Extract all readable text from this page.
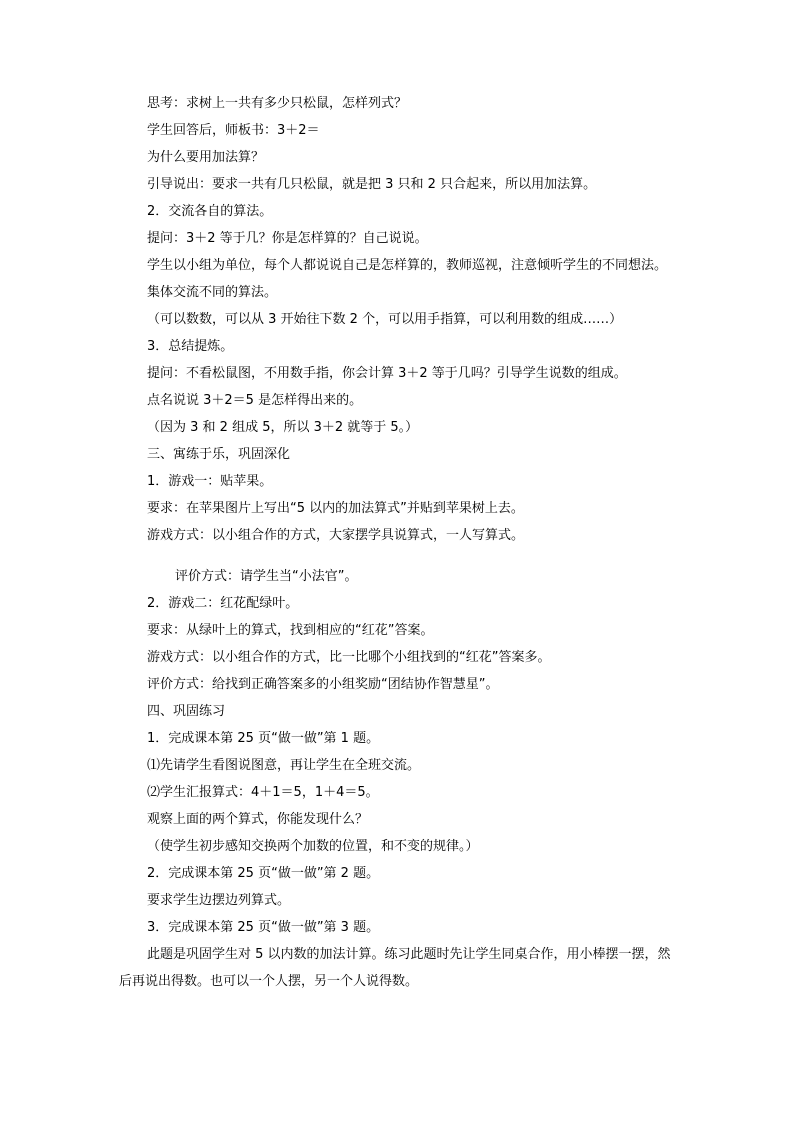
思考：求树上一共有多少只松鼠，怎样列式？

学生回答后，师板书：3＋2＝

为什么要用加法算？

引导说出：要求一共有几只松鼠，就是把 3 只和 2 只合起来，所以用加法算。

2．交流各自的算法。

提问：3＋2 等于几？你是怎样算的？自己说说。

学生以小组为单位，每个人都说说自己是怎样算的，教师巡视，注意倾听学生的不同想法。

集体交流不同的算法。

（可以数数，可以从 3 开始往下数 2 个，可以用手指算，可以利用数的组成……）

3．总结提炼。

提问：不看松鼠图，不用数手指，你会计算 3＋2 等于几吗？引导学生说数的组成。

点名说说 3＋2＝5 是怎样得出来的。

（因为 3 和 2 组成 5，所以 3＋2 就等于 5。）

三、寓练于乐，巩固深化

1．游戏一：贴苹果。

要求：在苹果图片上写出“5 以内的加法算式”并贴到苹果树上去。

游戏方式：以小组合作的方式，大家摆学具说算式，一人写算式。

评价方式：请学生当“小法官”。

2．游戏二：红花配绿叶。

要求：从绿叶上的算式，找到相应的“红花”答案。

游戏方式：以小组合作的方式，比一比哪个小组找到的“红花”答案多。

评价方式：给找到正确答案多的小组奖励“团结协作智慧星”。

四、巩固练习

1．完成课本第 25 页“做一做”第 1 题。

⑴先请学生看图说图意，再让学生在全班交流。

⑵学生汇报算式：4＋1＝5，1＋4＝5。

观察上面的两个算式，你能发现什么？

（使学生初步感知交换两个加数的位置，和不变的规律。）

2．完成课本第 25 页“做一做”第 2 题。

要求学生边摆边列算式。

3．完成课本第 25 页“做一做”第 3 题。

此题是巩固学生对 5 以内数的加法计算。练习此题时先让学生同桌合作，用小棒摆一摆，然后再说出得数。也可以一个人摆，另一个人说得数。
